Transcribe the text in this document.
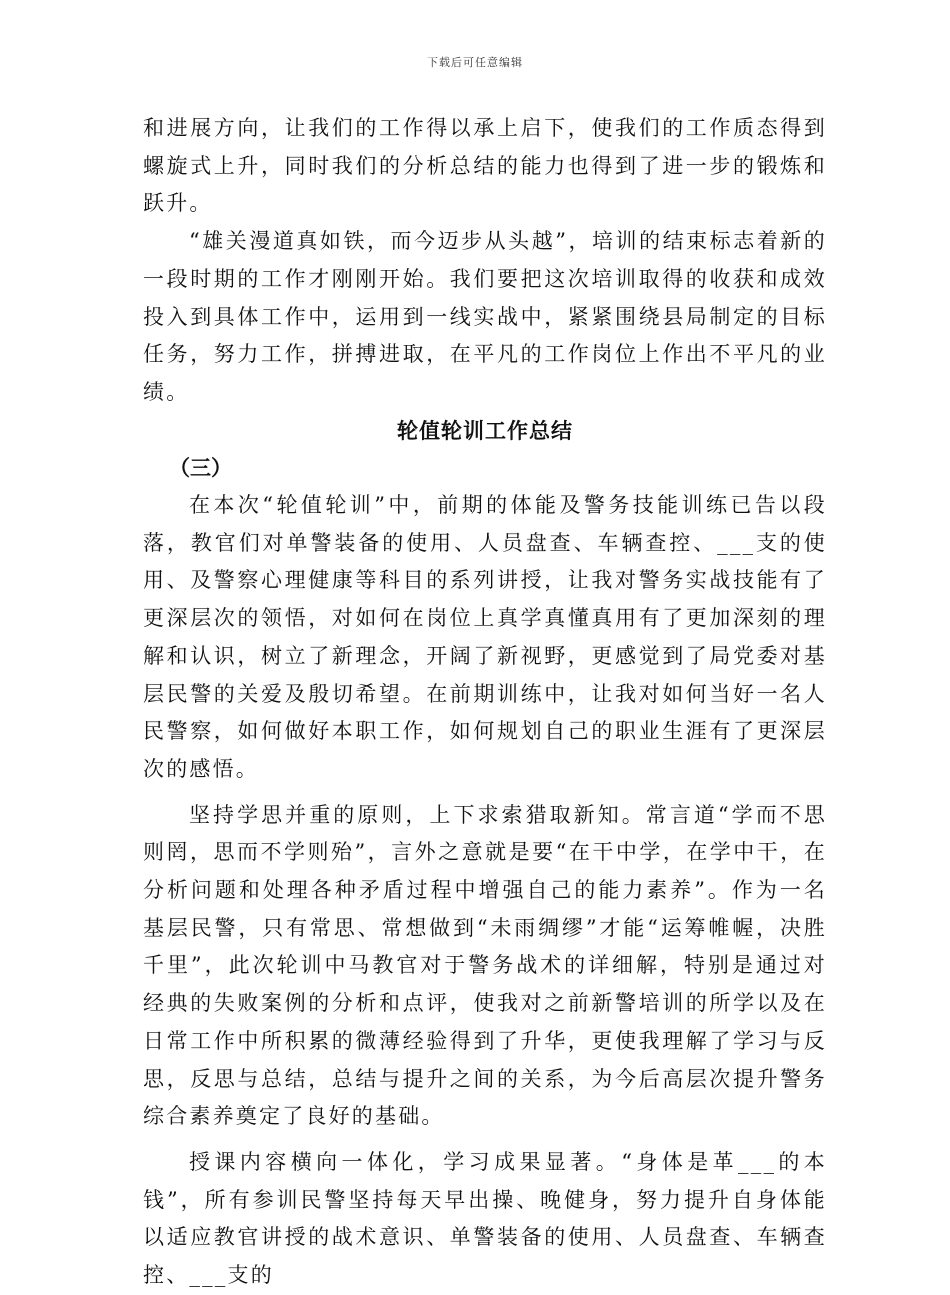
下载后可任意编辑

和进展方向，让我们的工作得以承上启下，使我们的工作质态得到螺旋式上升，同时我们的分析总结的能力也得到了进一步的锻炼和跃升。

“雄关漫道真如铁，而今迈步从头越”，培训的结束标志着新的一段时期的工作才刚刚开始。我们要把这次培训取得的收获和成效投入到具体工作中，运用到一线实战中，紧紧围绕县局制定的目标任务，努力工作，拼搏进取，在平凡的工作岗位上作出不平凡的业绩。

轮值轮训工作总结

（三）

在本次“轮值轮训”中，前期的体能及警务技能训练已告以段落，教官们对单警装备的使用、人员盘查、车辆查控、___支的使用、及警察心理健康等科目的系列讲授，让我对警务实战技能有了更深层次的领悟，对如何在岗位上真学真懂真用有了更加深刻的理解和认识，树立了新理念，开阔了新视野，更感觉到了局党委对基层民警的关爱及殷切希望。在前期训练中，让我对如何当好一名人民警察，如何做好本职工作，如何规划自己的职业生涯有了更深层次的感悟。

坚持学思并重的原则，上下求索猎取新知。常言道“学而不思则罔，思而不学则殆”，言外之意就是要“在干中学，在学中干，在分析问题和处理各种矛盾过程中增强自己的能力素养”。作为一名基层民警，只有常思、常想做到“未雨绸缪”才能“运筹帷幄，决胜千里”，此次轮训中马教官对于警务战术的详细解，特别是通过对经典的失败案例的分析和点评，使我对之前新警培训的所学以及在日常工作中所积累的微薄经验得到了升华，更使我理解了学习与反思，反思与总结，总结与提升之间的关系，为今后高层次提升警务综合素养奠定了良好的基础。

授课内容横向一体化，学习成果显著。“身体是革___的本钱”，所有参训民警坚持每天早出操、晚健身，努力提升自身体能以适应教官讲授的战术意识、单警装备的使用、人员盘查、车辆查控、___支的
